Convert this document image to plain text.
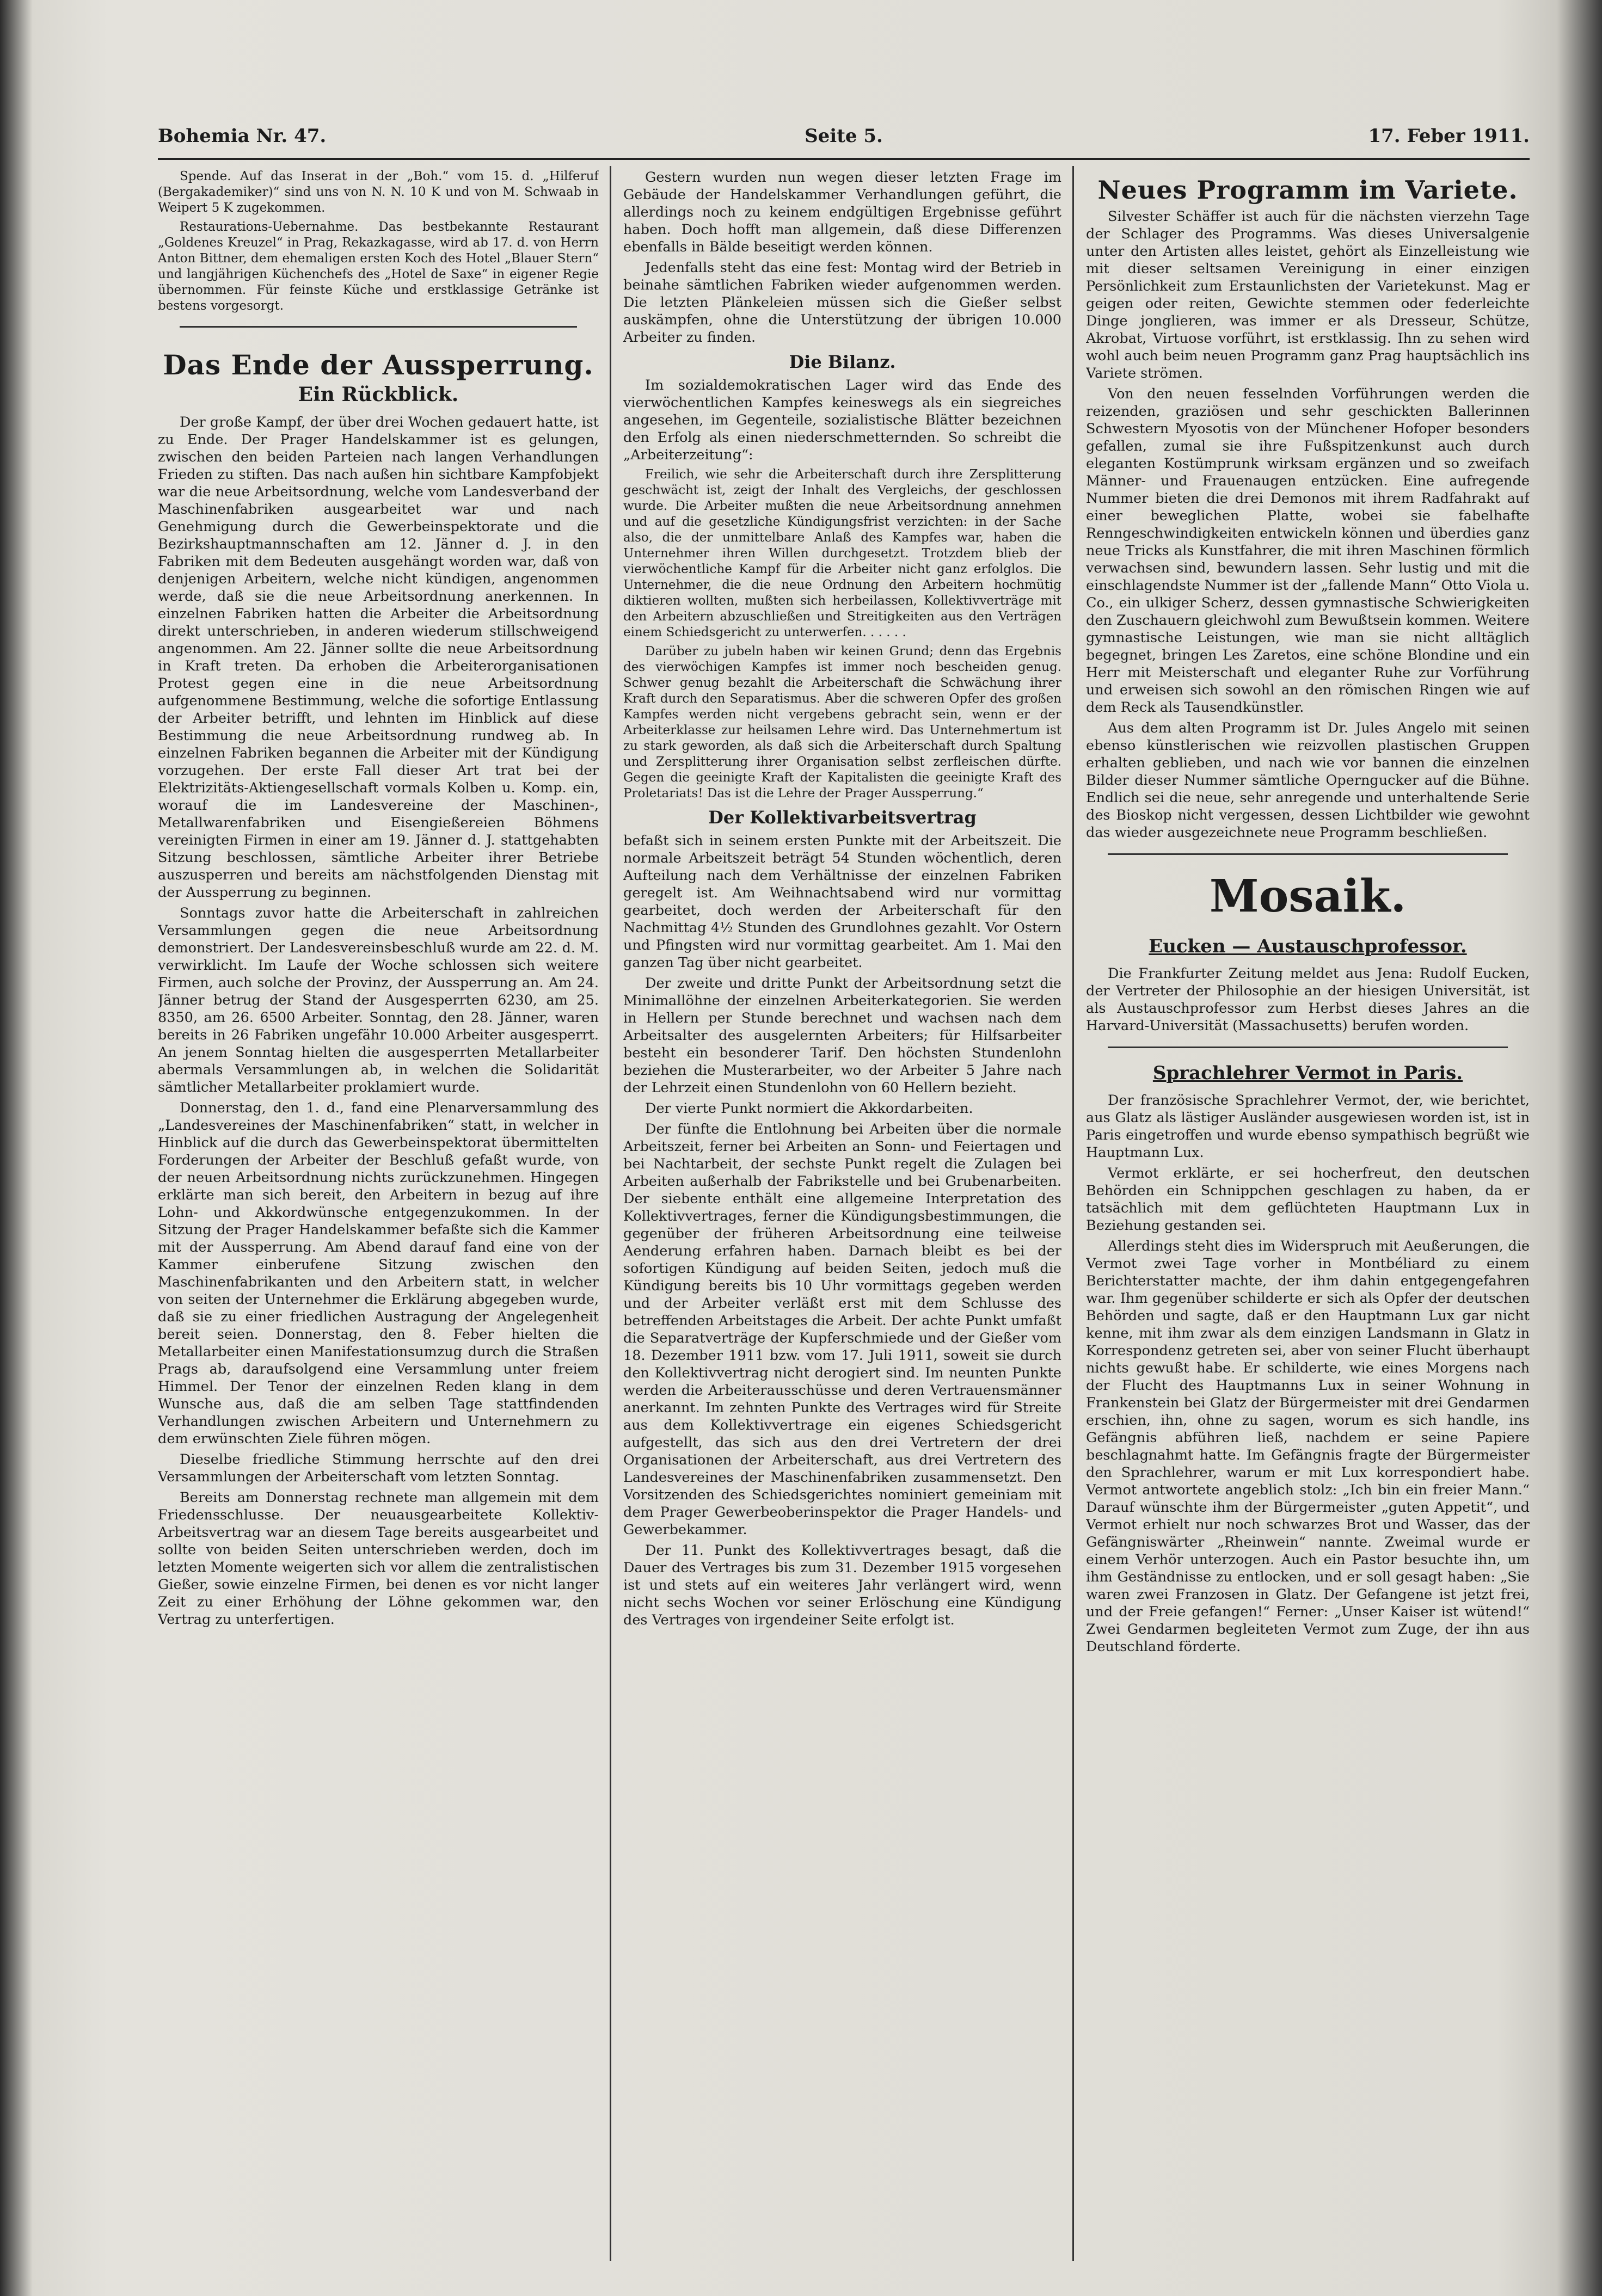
Bohemia Nr. 47.	Seite 5.	17. Feber 1911.

Spende. Auf das Inserat in der „Boh.“ vom 15. d. „Hilferuf (Bergakademiker)“ sind uns von N. N. 10 K und von M. Schwaab in Weipert 5 K zugekommen.

Restaurations-Uebernahme. Das bestbekannte Restaurant „Goldenes Kreuzel“ in Prag, Rekazkagasse, wird ab 17. d. von Herrn Anton Bittner, dem ehemaligen ersten Koch des Hotel „Blauer Stern“ und langjährigen Küchenchefs des „Hotel de Saxe“ in eigener Regie übernommen. Für feinste Küche und erstklassige Getränke ist bestens vorgesorgt.

Das Ende der Aussperrung.
Ein Rückblick.

Der große Kampf, der über drei Wochen gedauert hatte, ist zu Ende. Der Prager Handelskammer ist es gelungen, zwischen den beiden Parteien nach langen Verhandlungen Frieden zu stiften. Das nach außen hin sichtbare Kampfobjekt war die neue Arbeitsordnung, welche vom Landesverband der Maschinenfabriken ausgearbeitet war und nach Genehmigung durch die Gewerbeinspektorate und die Bezirkshauptmannschaften am 12. Jänner d. J. in den Fabriken mit dem Bedeuten ausgehängt worden war, daß von denjenigen Arbeitern, welche nicht kündigen, angenommen werde, daß sie die neue Arbeitsordnung anerkennen. In einzelnen Fabriken hatten die Arbeiter die Arbeitsordnung direkt unterschrieben, in anderen wiederum stillschweigend angenommen. Am 22. Jänner sollte die neue Arbeitsordnung in Kraft treten. Da erhoben die Arbeiterorganisationen Protest gegen eine in die neue Arbeitsordnung aufgenommene Bestimmung, welche die sofortige Entlassung der Arbeiter betrifft, und lehnten im Hinblick auf diese Bestimmung die neue Arbeitsordnung rundweg ab. In einzelnen Fabriken begannen die Arbeiter mit der Kündigung vorzugehen. Der erste Fall dieser Art trat bei der Elektrizitäts-Aktiengesellschaft vormals Kolben u. Komp. ein, worauf die im Landesvereine der Maschinen-, Metallwarenfabriken und Eisengießereien Böhmens vereinigten Firmen in einer am 19. Jänner d. J. stattgehabten Sitzung beschlossen, sämtliche Arbeiter ihrer Betriebe auszusperren und bereits am nächstfolgenden Dienstag mit der Aussperrung zu beginnen.

Sonntags zuvor hatte die Arbeiterschaft in zahlreichen Versammlungen gegen die neue Arbeitsordnung demonstriert. Der Landesvereinsbeschluß wurde am 22. d. M. verwirklicht. Im Laufe der Woche schlossen sich weitere Firmen, auch solche der Provinz, der Aussperrung an. Am 24. Jänner betrug der Stand der Ausgesperrten 6230, am 25. 8350, am 26. 6500 Arbeiter. Sonntag, den 28. Jänner, waren bereits in 26 Fabriken ungefähr 10.000 Arbeiter ausgesperrt. An jenem Sonntag hielten die ausgesperrten Metallarbeiter abermals Versammlungen ab, in welchen die Solidarität sämtlicher Metallarbeiter proklamiert wurde.

Donnerstag, den 1. d., fand eine Plenarversammlung des „Landesvereines der Maschinenfabriken“ statt, in welcher in Hinblick auf die durch das Gewerbeinspektorat übermittelten Forderungen der Arbeiter der Beschluß gefaßt wurde, von der neuen Arbeitsordnung nichts zurückzunehmen. Hingegen erklärte man sich bereit, den Arbeitern in bezug auf ihre Lohn- und Akkordwünsche entgegenzukommen. In der Sitzung der Prager Handelskammer befaßte sich die Kammer mit der Aussperrung. Am Abend darauf fand eine von der Kammer einberufene Sitzung zwischen den Maschinenfabrikanten und den Arbeitern statt, in welcher von seiten der Unternehmer die Erklärung abgegeben wurde, daß sie zu einer friedlichen Austragung der Angelegenheit bereit seien. Donnerstag, den 8. Feber hielten die Metallarbeiter einen Manifestationsumzug durch die Straßen Prags ab, daraufsolgend eine Versammlung unter freiem Himmel. Der Tenor der einzelnen Reden klang in dem Wunsche aus, daß die am selben Tage stattfindenden Verhandlungen zwischen Arbeitern und Unternehmern zu dem erwünschten Ziele führen mögen.

Dieselbe friedliche Stimmung herrschte auf den drei Versammlungen der Arbeiterschaft vom letzten Sonntag.

Bereits am Donnerstag rechnete man allgemein mit dem Friedensschlusse. Der neuausgearbeitete Kollektiv-Arbeitsvertrag war an diesem Tage bereits ausgearbeitet und sollte von beiden Seiten unterschrieben werden, doch im letzten Momente weigerten sich vor allem die zentralistischen Gießer, sowie einzelne Firmen, bei denen es vor nicht langer Zeit zu einer Erhöhung der Löhne gekommen war, den Vertrag zu unterfertigen.

Gestern wurden nun wegen dieser letzten Frage im Gebäude der Handelskammer Verhandlungen geführt, die allerdings noch zu keinem endgültigen Ergebnisse geführt haben. Doch hofft man allgemein, daß diese Differenzen ebenfalls in Bälde beseitigt werden können.

Jedenfalls steht das eine fest: Montag wird der Betrieb in beinahe sämtlichen Fabriken wieder aufgenommen werden. Die letzten Plänkeleien müssen sich die Gießer selbst auskämpfen, ohne die Unterstützung der übrigen 10.000 Arbeiter zu finden.

Die Bilanz.

Im sozialdemokratischen Lager wird das Ende des vierwöchentlichen Kampfes keineswegs als ein siegreiches angesehen, im Gegenteile, sozialistische Blätter bezeichnen den Erfolg als einen niederschmetternden. So schreibt die „Arbeiterzeitung“:

Freilich, wie sehr die Arbeiterschaft durch ihre Zersplitterung geschwächt ist, zeigt der Inhalt des Vergleichs, der geschlossen wurde. Die Arbeiter mußten die neue Arbeitsordnung annehmen und auf die gesetzliche Kündigungsfrist verzichten: in der Sache also, die der unmittelbare Anlaß des Kampfes war, haben die Unternehmer ihren Willen durchgesetzt. Trotzdem blieb der vierwöchentliche Kampf für die Arbeiter nicht ganz erfolglos. Die Unternehmer, die die neue Ordnung den Arbeitern hochmütig diktieren wollten, mußten sich herbeilassen, Kollektivverträge mit den Arbeitern abzuschließen und Streitigkeiten aus den Verträgen einem Schiedsgericht zu unterwerfen. . . . . .

Darüber zu jubeln haben wir keinen Grund; denn das Ergebnis des vierwöchigen Kampfes ist immer noch bescheiden genug. Schwer genug bezahlt die Arbeiterschaft die Schwächung ihrer Kraft durch den Separatismus. Aber die schweren Opfer des großen Kampfes werden nicht vergebens gebracht sein, wenn er der Arbeiterklasse zur heilsamen Lehre wird. Das Unternehmertum ist zu stark geworden, als daß sich die Arbeiterschaft durch Spaltung und Zersplitterung ihrer Organisation selbst zerfleischen dürfte. Gegen die geeinigte Kraft der Kapitalisten die geeinigte Kraft des Proletariats! Das ist die Lehre der Prager Aussperrung.“

Der Kollektivarbeitsvertrag

befaßt sich in seinem ersten Punkte mit der Arbeitszeit. Die normale Arbeitszeit beträgt 54 Stunden wöchentlich, deren Aufteilung nach dem Verhältnisse der einzelnen Fabriken geregelt ist. Am Weihnachtsabend wird nur vormittag gearbeitet, doch werden der Arbeiterschaft für den Nachmittag 4½ Stunden des Grundlohnes gezahlt. Vor Ostern und Pfingsten wird nur vormittag gearbeitet. Am 1. Mai den ganzen Tag über nicht gearbeitet.

Der zweite und dritte Punkt der Arbeitsordnung setzt die Minimallöhne der einzelnen Arbeiterkategorien. Sie werden in Hellern per Stunde berechnet und wachsen nach dem Arbeitsalter des ausgelernten Arbeiters; für Hilfsarbeiter besteht ein besonderer Tarif. Den höchsten Stundenlohn beziehen die Musterarbeiter, wo der Arbeiter 5 Jahre nach der Lehrzeit einen Stundenlohn von 60 Hellern bezieht.

Der vierte Punkt normiert die Akkordarbeiten.

Der fünfte die Entlohnung bei Arbeiten über die normale Arbeitszeit, ferner bei Arbeiten an Sonn- und Feiertagen und bei Nachtarbeit, der sechste Punkt regelt die Zulagen bei Arbeiten außerhalb der Fabrikstelle und bei Grubenarbeiten. Der siebente enthält eine allgemeine Interpretation des Kollektivvertrages, ferner die Kündigungsbestimmungen, die gegenüber der früheren Arbeitsordnung eine teilweise Aenderung erfahren haben. Darnach bleibt es bei der sofortigen Kündigung auf beiden Seiten, jedoch muß die Kündigung bereits bis 10 Uhr vormittags gegeben werden und der Arbeiter verläßt erst mit dem Schlusse des betreffenden Arbeitstages die Arbeit. Der achte Punkt umfaßt die Separatverträge der Kupferschmiede und der Gießer vom 18. Dezember 1911 bzw. vom 17. Juli 1911, soweit sie durch den Kollektivvertrag nicht derogiert sind. Im neunten Punkte werden die Arbeiterausschüsse und deren Vertrauensmänner anerkannt. Im zehnten Punkte des Vertrages wird für Streite aus dem Kollektivvertrage ein eigenes Schiedsgericht aufgestellt, das sich aus den drei Vertretern der drei Organisationen der Arbeiterschaft, aus drei Vertretern des Landesvereines der Maschinenfabriken zusammensetzt. Den Vorsitzenden des Schiedsgerichtes nominiert gemeiniam mit dem Prager Gewerbeoberinspektor die Prager Handels- und Gewerbekammer.

Der 11. Punkt des Kollektivvertrages besagt, daß die Dauer des Vertrages bis zum 31. Dezember 1915 vorgesehen ist und stets auf ein weiteres Jahr verlängert wird, wenn nicht sechs Wochen vor seiner Erlöschung eine Kündigung des Vertrages von irgendeiner Seite erfolgt ist.

Neues Programm im Variete.

Silvester Schäffer ist auch für die nächsten vierzehn Tage der Schlager des Programms. Was dieses Universalgenie unter den Artisten alles leistet, gehört als Einzelleistung wie mit dieser seltsamen Vereinigung in einer einzigen Persönlichkeit zum Erstaunlichsten der Varietekunst. Mag er geigen oder reiten, Gewichte stemmen oder federleichte Dinge jonglieren, was immer er als Dresseur, Schütze, Akrobat, Virtuose vorführt, ist erstklassig. Ihn zu sehen wird wohl auch beim neuen Programm ganz Prag hauptsächlich ins Variete strömen.

Von den neuen fesselnden Vorführungen werden die reizenden, graziösen und sehr geschickten Ballerinnen Schwestern Myosotis von der Münchener Hofoper besonders gefallen, zumal sie ihre Fußspitzenkunst auch durch eleganten Kostümprunk wirksam ergänzen und so zweifach Männer- und Frauenaugen entzücken. Eine aufregende Nummer bieten die drei Demonos mit ihrem Radfahrakt auf einer beweglichen Platte, wobei sie fabelhafte Renngeschwindigkeiten entwickeln können und überdies ganz neue Tricks als Kunstfahrer, die mit ihren Maschinen förmlich verwachsen sind, bewundern lassen. Sehr lustig und mit die einschlagendste Nummer ist der „fallende Mann“ Otto Viola u. Co., ein ulkiger Scherz, dessen gymnastische Schwierigkeiten den Zuschauern gleichwohl zum Bewußtsein kommen. Weitere gymnastische Leistungen, wie man sie nicht alltäglich begegnet, bringen Les Zaretos, eine schöne Blondine und ein Herr mit Meisterschaft und eleganter Ruhe zur Vorführung und erweisen sich sowohl an den römischen Ringen wie auf dem Reck als Tausendkünstler.

Aus dem alten Programm ist Dr. Jules Angelo mit seinen ebenso künstlerischen wie reizvollen plastischen Gruppen erhalten geblieben, und nach wie vor bannen die einzelnen Bilder dieser Nummer sämtliche Operngucker auf die Bühne. Endlich sei die neue, sehr anregende und unterhaltende Serie des Bioskop nicht vergessen, dessen Lichtbilder wie gewohnt das wieder ausgezeichnete neue Programm beschließen.

Mosaik.
Eucken — Austauschprofessor.

Die Frankfurter Zeitung meldet aus Jena: Rudolf Eucken, der Vertreter der Philosophie an der hiesigen Universität, ist als Austauschprofessor zum Herbst dieses Jahres an die Harvard-Universität (Massachusetts) berufen worden.

Sprachlehrer Vermot in Paris.

Der französische Sprachlehrer Vermot, der, wie berichtet, aus Glatz als lästiger Ausländer ausgewiesen worden ist, ist in Paris eingetroffen und wurde ebenso sympathisch begrüßt wie Hauptmann Lux.

Vermot erklärte, er sei hocherfreut, den deutschen Behörden ein Schnippchen geschlagen zu haben, da er tatsächlich mit dem geflüchteten Hauptmann Lux in Beziehung gestanden sei.

Allerdings steht dies im Widerspruch mit Aeußerungen, die Vermot zwei Tage vorher in Montbéliard zu einem Berichterstatter machte, der ihm dahin entgegengefahren war. Ihm gegenüber schilderte er sich als Opfer der deutschen Behörden und sagte, daß er den Hauptmann Lux gar nicht kenne, mit ihm zwar als dem einzigen Landsmann in Glatz in Korrespondenz getreten sei, aber von seiner Flucht überhaupt nichts gewußt habe. Er schilderte, wie eines Morgens nach der Flucht des Hauptmanns Lux in seiner Wohnung in Frankenstein bei Glatz der Bürgermeister mit drei Gendarmen erschien, ihn, ohne zu sagen, worum es sich handle, ins Gefängnis abführen ließ, nachdem er seine Papiere beschlagnahmt hatte. Im Gefängnis fragte der Bürgermeister den Sprachlehrer, warum er mit Lux korrespondiert habe. Vermot antwortete angeblich stolz: „Ich bin ein freier Mann.“ Darauf wünschte ihm der Bürgermeister „guten Appetit“, und Vermot erhielt nur noch schwarzes Brot und Wasser, das der Gefängniswärter „Rheinwein“ nannte. Zweimal wurde er einem Verhör unterzogen. Auch ein Pastor besuchte ihn, um ihm Geständnisse zu entlocken, und er soll gesagt haben: „Sie waren zwei Franzosen in Glatz. Der Gefangene ist jetzt frei, und der Freie gefangen!“ Ferner: „Unser Kaiser ist wütend!“ Zwei Gendarmen begleiteten Vermot zum Zuge, der ihn aus Deutschland förderte.
